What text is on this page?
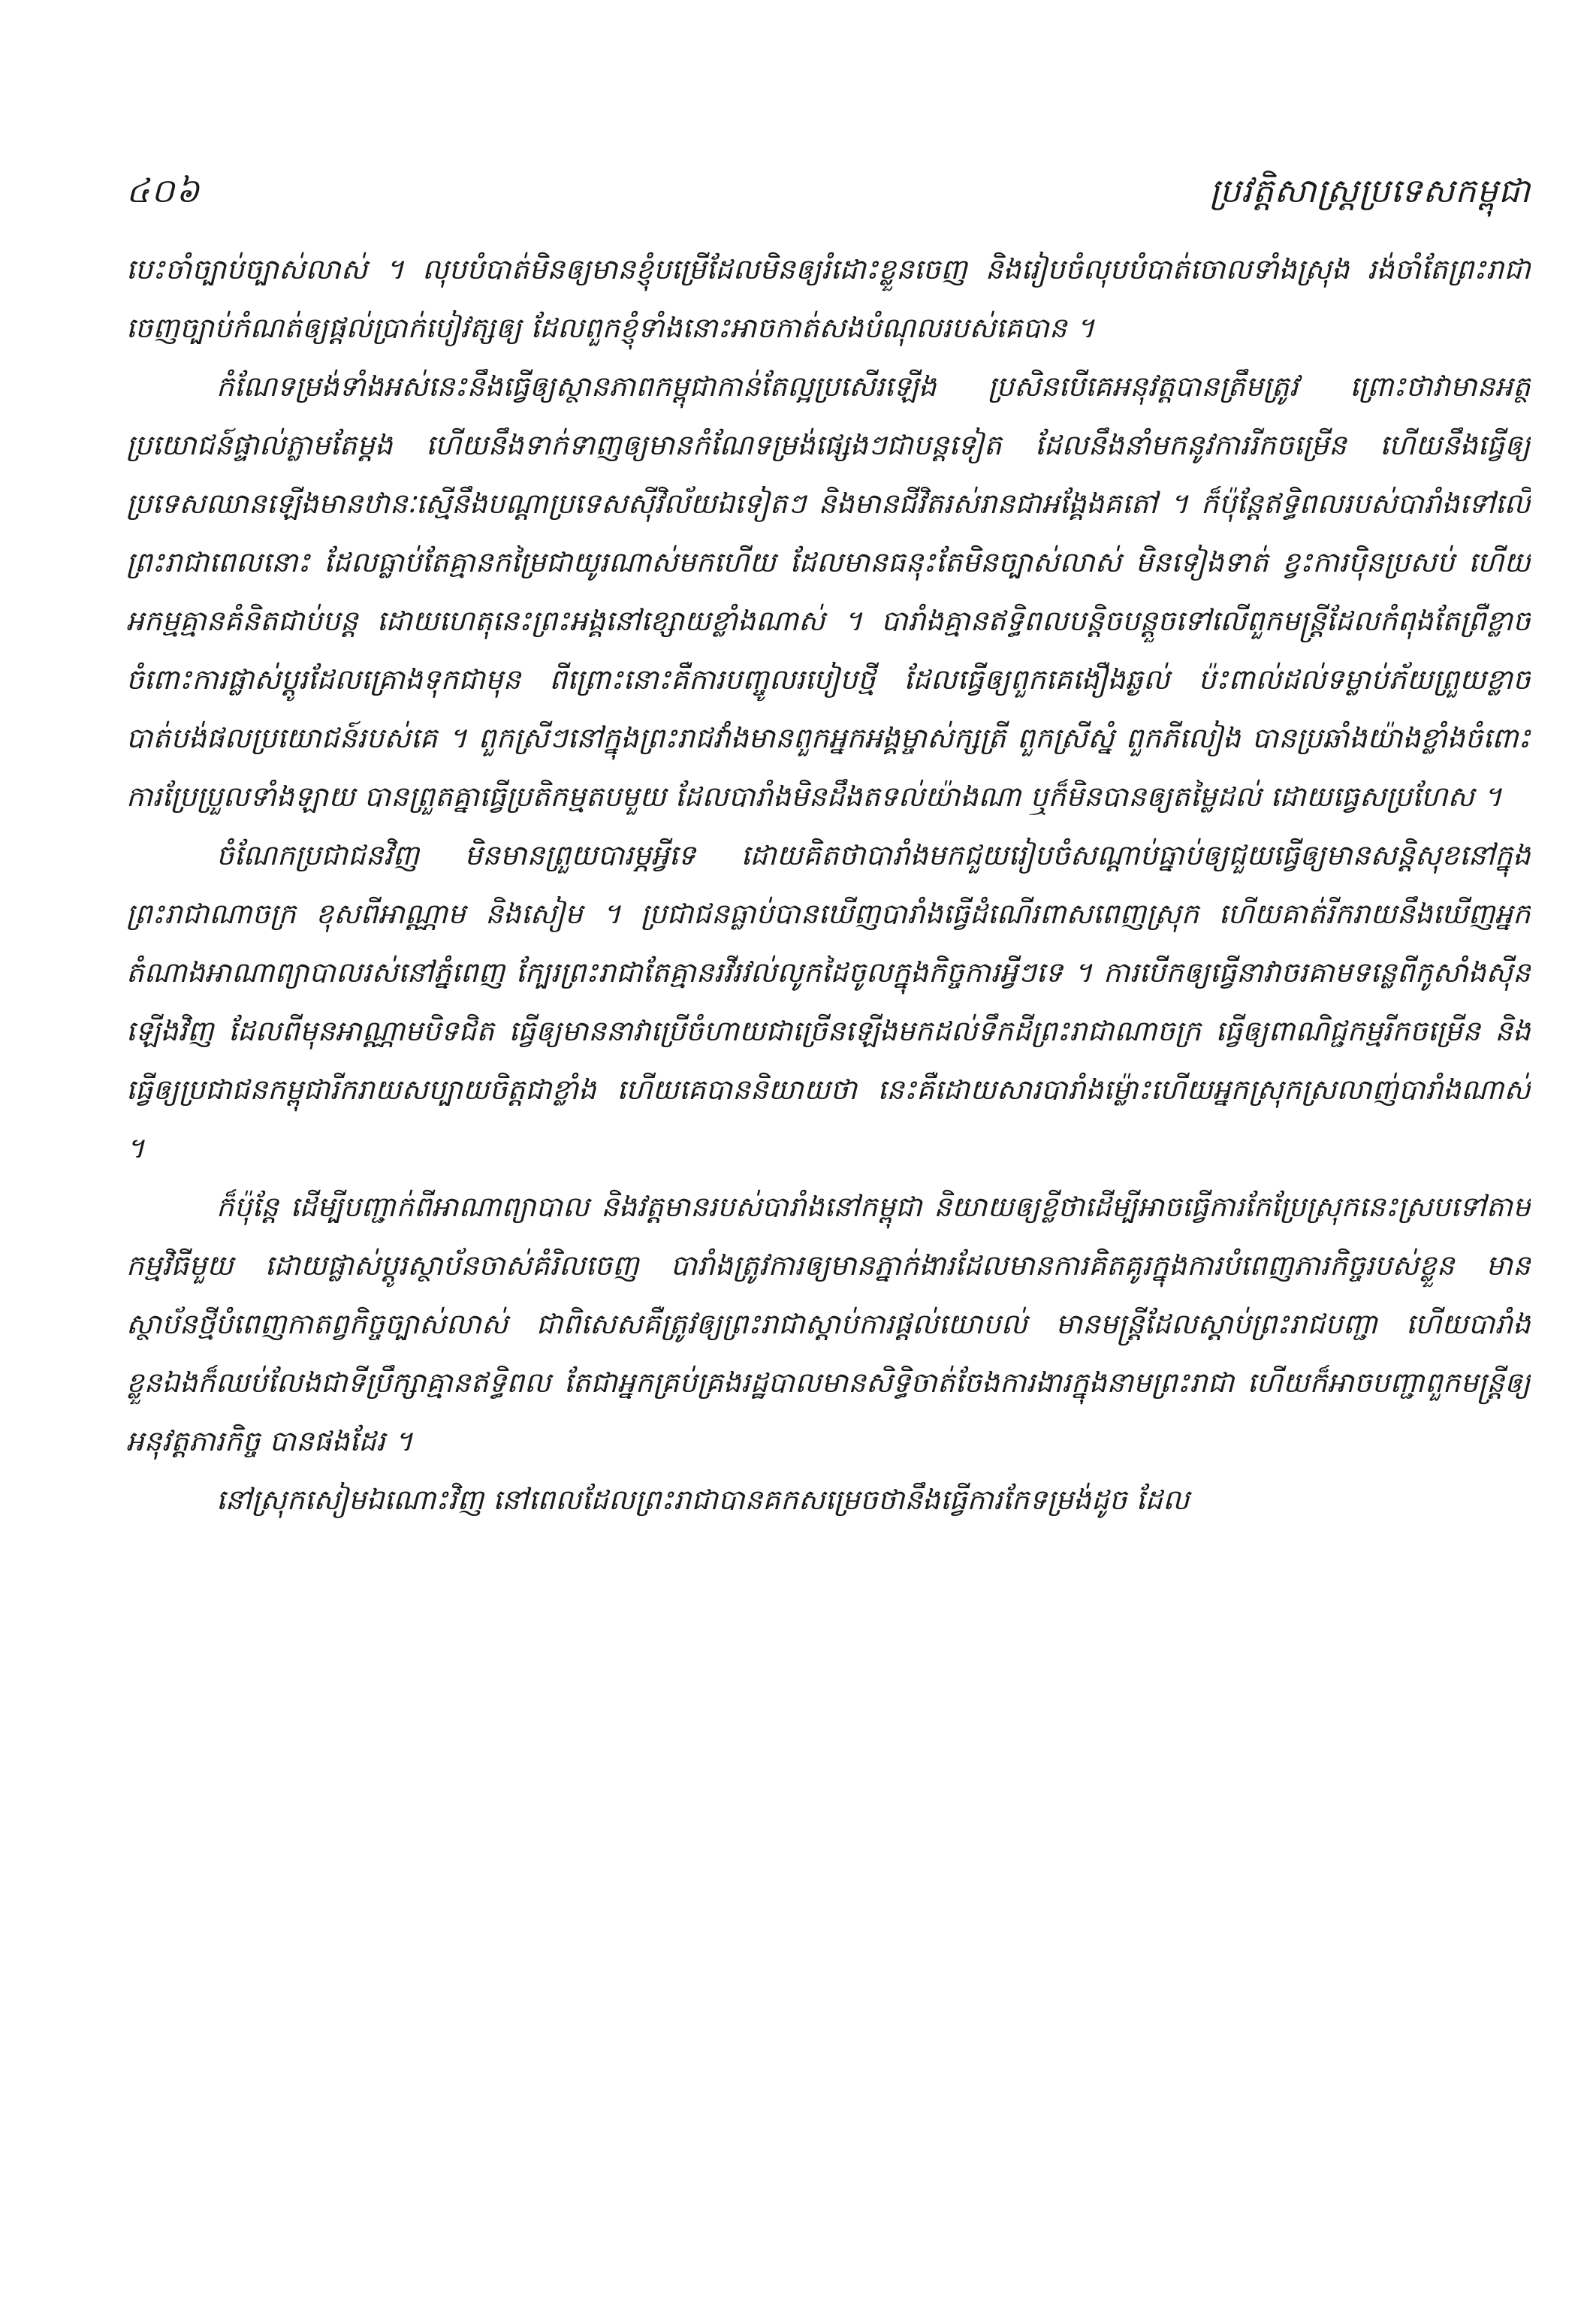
៤០៦	ប្រវត្តិសាស្ត្រប្រទេសកម្ពុជា

បេះចាំច្បាប់ច្បាស់លាស់ ។ លុបបំបាត់មិនឲ្យមានខ្ញុំបម្រើដែលមិនឲ្យរំដោះខ្លួនចេញ និងរៀបចំលុបបំបាត់ចោលទាំងស្រុង រង់ចាំតែព្រះរាជាចេញច្បាប់កំណត់ឲ្យផ្តល់ប្រាក់បៀវត្សឲ្យ ដែលពួកខ្ញុំទាំងនោះអាចកាត់សងបំណុលរបស់គេបាន ។

កំណែទម្រង់ទាំងអស់នេះនឹងធ្វើឲ្យស្ថានភាពកម្ពុជាកាន់តែល្អប្រសើរឡើង ប្រសិនបើគេអនុវត្តបានត្រឹមត្រូវ ព្រោះថាវាមានអត្ថប្រយោជន៍ផ្ទាល់ភ្លាមតែម្តង ហើយនឹងទាក់ទាញឲ្យមានកំណែទម្រង់ផ្សេងៗជាបន្តទៀត ដែលនឹងនាំមកនូវការរីកចម្រើន ហើយនឹងធ្វើឲ្យប្រទេសឈានឡើងមានឋានៈស្មើនឹងបណ្តាប្រទេសស៊ីវិល័យឯទៀតៗ និងមានជីវិតរស់រានជាអង្គែងគតៅ ។ ក៏ប៉ុន្តែឥទ្ធិពលរបស់បារាំងទៅលើព្រះរាជាពេលនោះ ដែលធ្លាប់តែគ្មានកម្រៃជាយូរណាស់មកហើយ ដែលមានធនុះតែមិនច្បាស់លាស់ មិនទៀងទាត់ ខ្វះការប៉ិនប្រសប់ ហើយអកម្មគ្មានគំនិតជាប់បន្ត ដោយហេតុនេះព្រះអង្គនៅខ្សោយខ្លាំងណាស់ ។ បារាំងគ្មានឥទ្ធិពលបន្តិចបន្តួចទៅលើពួកមន្ត្រីដែលកំពុងតែព្រឺខ្លាចចំពោះការផ្លាស់ប្តូរដែលគ្រោងទុកជាមុន ពីព្រោះនោះគឺការបញ្ចូលរបៀបថ្មី ដែលធ្វើឲ្យពួកគេងឿងឆ្ងល់ ប៉ះពាល់ដល់ទម្លាប់ភ័យព្រួយខ្លាចបាត់បង់ផលប្រយោជន៍របស់គេ ។ ពួកស្រីៗនៅក្នុងព្រះរាជវាំងមានពួកអ្នកអង្គម្ចាស់ក្សត្រី ពួកស្រីស្នំ ពួកភីលៀង បានប្រឆាំងយ៉ាងខ្លាំងចំពោះការប្រែប្រួលទាំងឡាយ បានព្រួតគ្នាធ្វើប្រតិកម្មតបមួយ ដែលបារាំងមិនដឹងតទល់យ៉ាងណា ឬក៏មិនបានឲ្យតម្លៃដល់ ដោយធ្វេសប្រហែស ។

ចំណែកប្រជាជនវិញ មិនមានព្រួយបារម្ភអ្វីទេ ដោយគិតថាបារាំងមកជួយរៀបចំសណ្តាប់ធ្នាប់ឲ្យជួយធ្វើឲ្យមានសន្តិសុខនៅក្នុងព្រះរាជាណាចក្រ ខុសពីអាណ្ណាម និងសៀម ។ ប្រជាជនធ្លាប់បានឃើញបារាំងធ្វើដំណើរពាសពេញស្រុក ហើយគាត់រីករាយនឹងឃើញអ្នកតំណាងអាណាព្យាបាលរស់នៅភ្នំពេញ ក្បែរព្រះរាជាតែគ្មានរវីរវល់លូកដៃចូលក្នុងកិច្ចការអ្វីៗទេ ។ ការបើកឲ្យធ្វើនាវាចរគាមទន្លេពីកូសាំងស៊ីនឡើងវិញ ដែលពីមុនអាណ្ណាមបិទជិត ធ្វើឲ្យមាននាវាប្រើចំហាយជាច្រើនឡើងមកដល់ទឹកដីព្រះរាជាណាចក្រ ធ្វើឲ្យពាណិជ្ជកម្មរីកចម្រើន និងធ្វើឲ្យប្រជាជនកម្ពុជារីករាយសប្បាយចិត្តជាខ្លាំង ហើយគេបាននិយាយថា នេះគឺដោយសារបារាំងម៉្លោះហើយអ្នកស្រុកស្រលាញ់បារាំងណាស់ ។

ក៏ប៉ុន្តែ ដើម្បីបញ្ជាក់ពីអាណាព្យាបាល និងវត្តមានរបស់បារាំងនៅកម្ពុជា និយាយឲ្យខ្លីថាដើម្បីអាចធ្វើការកែប្រែស្រុកនេះស្របទៅតាមកម្មវិធីមួយ ដោយផ្លាស់ប្តូរស្ថាប័នចាស់គំរិលចេញ បារាំងត្រូវការឲ្យមានភ្នាក់ងារដែលមានការគិតគូរក្នុងការបំពេញភារកិច្ចរបស់ខ្លួន មានស្ថាប័នថ្មីបំពេញកាតព្វកិច្ចច្បាស់លាស់ ជាពិសេសគឺត្រូវឲ្យព្រះរាជាស្តាប់ការផ្តល់យោបល់ មានមន្ត្រីដែលស្តាប់ព្រះរាជបញ្ជា ហើយបារាំងខ្លួនឯងក៏ឈប់លែងជាទីប្រឹក្សាគ្មានឥទ្ធិពល តែជាអ្នកគ្រប់គ្រងរដ្ឋបាលមានសិទ្ធិចាត់ចែងការងារក្នុងនាមព្រះរាជា ហើយក៏អាចបញ្ជាពួកមន្ត្រីឲ្យអនុវត្តភារកិច្ច បានផងដែរ ។

នៅស្រុកសៀមឯណោះវិញ នៅពេលដែលព្រះរាជាបានគកសម្រេចថានឹងធ្វើការកែទម្រង់ដូច ដែល
